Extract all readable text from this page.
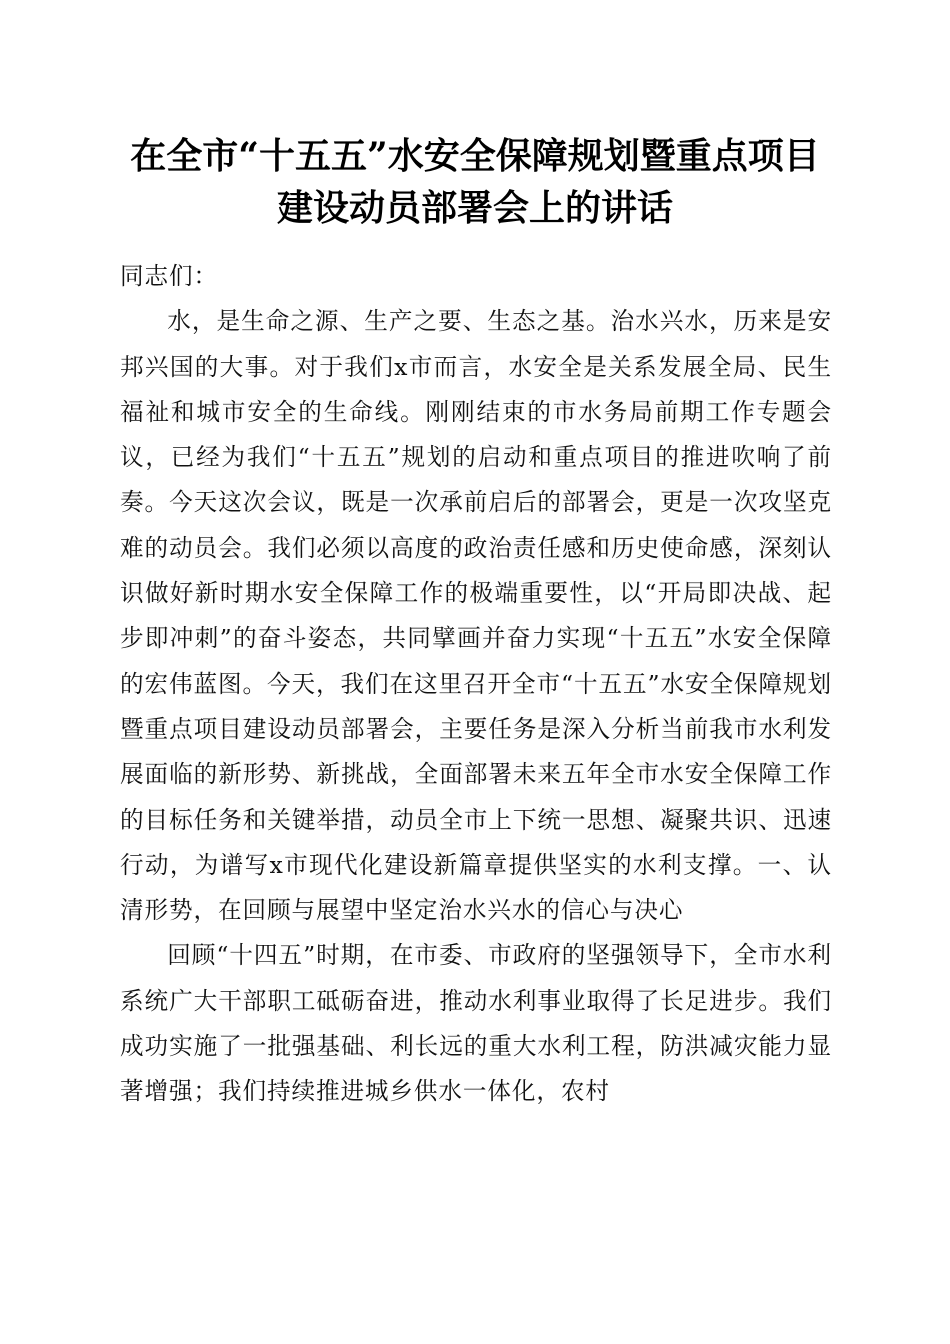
在全市“十五五”水安全保障规划暨重点项目
建设动员部署会上的讲话

同志们：

水，是生命之源、生产之要、生态之基。治水兴水，历来是安邦兴国的大事。对于我们x市而言，水安全是关系发展全局、民生福祉和城市安全的生命线。刚刚结束的市水务局前期工作专题会议，已经为我们“十五五”规划的启动和重点项目的推进吹响了前奏。今天这次会议，既是一次承前启后的部署会，更是一次攻坚克难的动员会。我们必须以高度的政治责任感和历史使命感，深刻认识做好新时期水安全保障工作的极端重要性，以“开局即决战、起步即冲刺”的奋斗姿态，共同擘画并奋力实现“十五五”水安全保障的宏伟蓝图。今天，我们在这里召开全市“十五五”水安全保障规划暨重点项目建设动员部署会，主要任务是深入分析当前我市水利发展面临的新形势、新挑战，全面部署未来五年全市水安全保障工作的目标任务和关键举措，动员全市上下统一思想、凝聚共识、迅速行动，为谱写x市现代化建设新篇章提供坚实的水利支撑。一、认清形势，在回顾与展望中坚定治水兴水的信心与决心

回顾“十四五”时期，在市委、市政府的坚强领导下，全市水利系统广大干部职工砥砺奋进，推动水利事业取得了长足进步。我们成功实施了一批强基础、利长远的重大水利工程，防洪减灾能力显著增强；我们持续推进城乡供水一体化，农村
